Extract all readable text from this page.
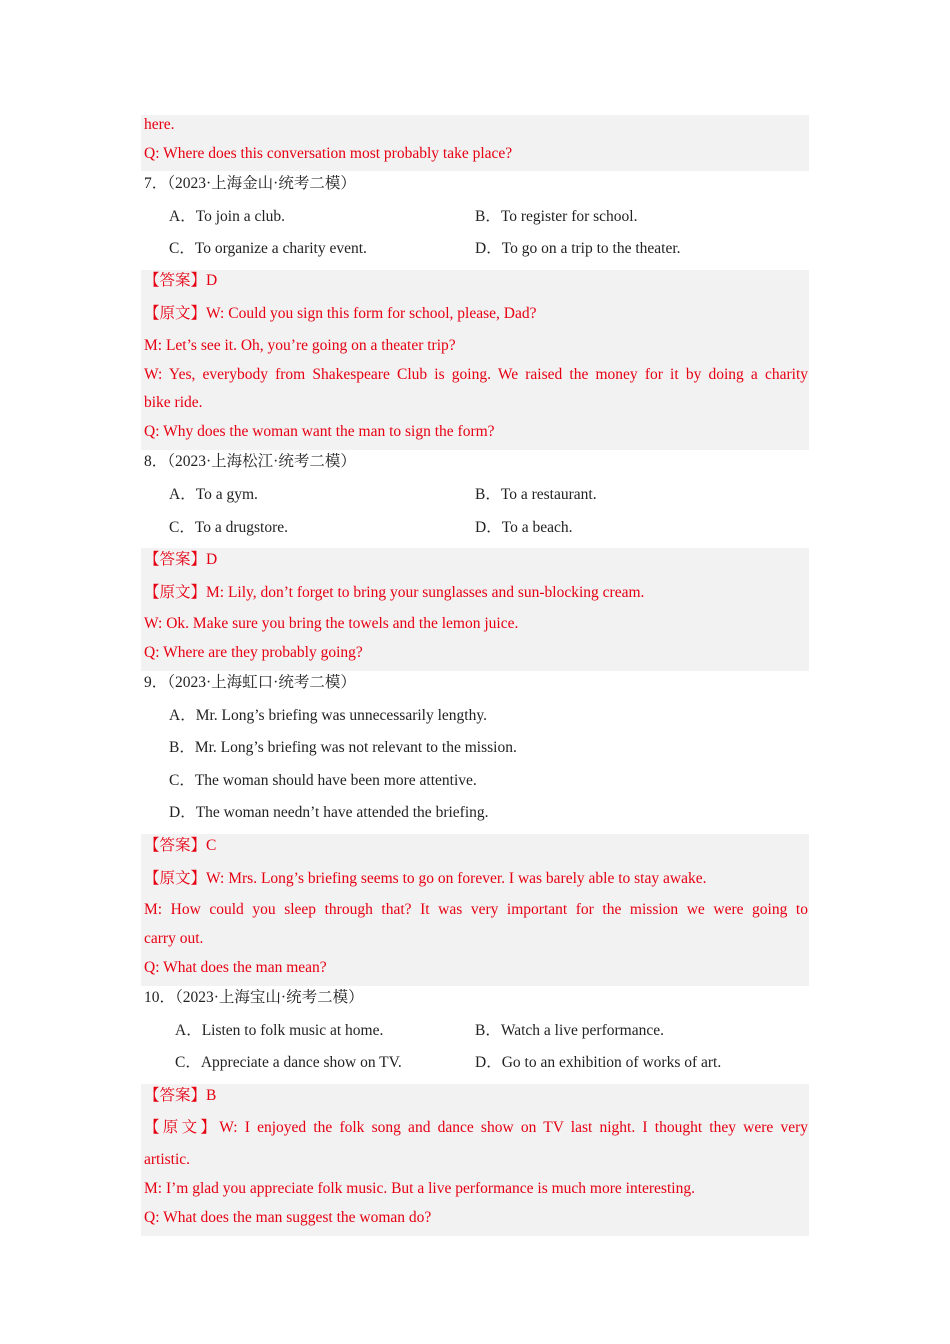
here.
Q: Where does this conversation most probably take place?
7．（2023·上海金山·统考二模）
A．To join a club.	B．To register for school.
C．To organize a charity event.	D．To go on a trip to the theater.
【答案】D
【原文】W: Could you sign this form for school, please, Dad?
M: Let’s see it. Oh, you’re going on a theater trip?
W: Yes, everybody from Shakespeare Club is going. We raised the money for it by doing a charity
bike ride.
Q: Why does the woman want the man to sign the form?
8．（2023·上海松江·统考二模）
A．To a gym.	B．To a restaurant.
C．To a drugstore.	D．To a beach.
【答案】D
【原文】M: Lily, don’t forget to bring your sunglasses and sun-blocking cream.
W: Ok. Make sure you bring the towels and the lemon juice.
Q: Where are they probably going?
9．（2023·上海虹口·统考二模）
A．Mr. Long’s briefing was unnecessarily lengthy.
B．Mr. Long’s briefing was not relevant to the mission.
C．The woman should have been more attentive.
D．The woman needn’t have attended the briefing.
【答案】C
【原文】W: Mrs. Long’s briefing seems to go on forever. I was barely able to stay awake.
M: How could you sleep through that? It was very important for the mission we were going to
carry out.
Q: What does the man mean?
10．（2023·上海宝山·统考二模）
A．Listen to folk music at home.	B．Watch a live performance.
C．Appreciate a dance show on TV.	D．Go to an exhibition of works of art.
【答案】B
【原文】W: I enjoyed the folk song and dance show on TV last night. I thought they were very
artistic.
M: I’m glad you appreciate folk music. But a live performance is much more interesting.
Q: What does the man suggest the woman do?
